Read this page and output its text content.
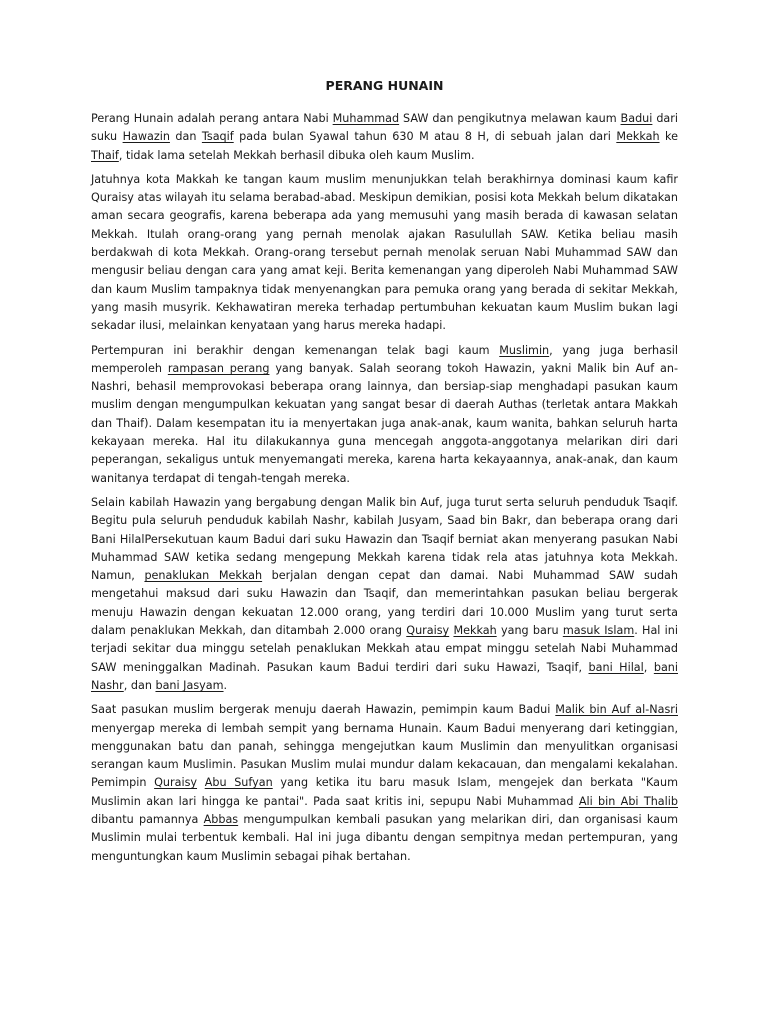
PERANG HUNAIN

Perang Hunain adalah perang antara Nabi Muhammad SAW dan pengikutnya melawan kaum Badui dari suku Hawazin dan Tsaqif pada bulan Syawal tahun 630 M atau 8 H, di sebuah jalan dari Mekkah ke Thaif, tidak lama setelah Mekkah berhasil dibuka oleh kaum Muslim.

Jatuhnya kota Makkah ke tangan kaum muslim menunjukkan telah berakhirnya dominasi kaum kafir Quraisy atas wilayah itu selama berabad-abad. Meskipun demikian, posisi kota Mekkah belum dikatakan aman secara geografis, karena beberapa ada yang memusuhi yang masih berada di kawasan selatan Mekkah. Itulah orang-orang yang pernah menolak ajakan Rasulullah SAW. Ketika beliau masih berdakwah di kota Mekkah. Orang-orang tersebut pernah menolak seruan Nabi Muhammad SAW dan mengusir beliau dengan cara yang amat keji. Berita kemenangan yang diperoleh Nabi Muhammad SAW dan kaum Muslim tampaknya tidak menyenangkan para pemuka orang yang berada di sekitar Mekkah, yang masih musyrik. Kekhawatiran mereka terhadap pertumbuhan kekuatan kaum Muslim bukan lagi sekadar ilusi, melainkan kenyataan yang harus mereka hadapi.

Pertempuran ini berakhir dengan kemenangan telak bagi kaum Muslimin, yang juga berhasil memperoleh rampasan perang yang banyak. Salah seorang tokoh Hawazin, yakni Malik bin Auf an-Nashri, behasil memprovokasi beberapa orang lainnya, dan bersiap-siap menghadapi pasukan kaum muslim dengan mengumpulkan kekuatan yang sangat besar di daerah Authas (terletak antara Makkah dan Thaif). Dalam kesempatan itu ia menyertakan juga anak-anak, kaum wanita, bahkan seluruh harta kekayaan mereka. Hal itu dilakukannya guna mencegah anggota-anggotanya melarikan diri dari peperangan, sekaligus untuk menyemangati mereka, karena harta kekayaannya, anak-anak, dan kaum wanitanya terdapat di tengah-tengah mereka.

Selain kabilah Hawazin yang bergabung dengan Malik bin Auf, juga turut serta seluruh penduduk Tsaqif. Begitu pula seluruh penduduk kabilah Nashr, kabilah Jusyam, Saad bin Bakr, dan beberapa orang dari Bani HilalPersekutuan kaum Badui dari suku Hawazin dan Tsaqif berniat akan menyerang pasukan Nabi Muhammad SAW ketika sedang mengepung Mekkah karena tidak rela atas jatuhnya kota Mekkah. Namun, penaklukan Mekkah berjalan dengan cepat dan damai. Nabi Muhammad SAW sudah mengetahui maksud dari suku Hawazin dan Tsaqif, dan memerintahkan pasukan beliau bergerak menuju Hawazin dengan kekuatan 12.000 orang, yang terdiri dari 10.000 Muslim yang turut serta dalam penaklukan Mekkah, dan ditambah 2.000 orang Quraisy Mekkah yang baru masuk Islam. Hal ini terjadi sekitar dua minggu setelah penaklukan Mekkah atau empat minggu setelah Nabi Muhammad SAW meninggalkan Madinah. Pasukan kaum Badui terdiri dari suku Hawazi, Tsaqif, bani Hilal, bani Nashr, dan bani Jasyam.

Saat pasukan muslim bergerak menuju daerah Hawazin, pemimpin kaum Badui Malik bin Auf al-Nasri menyergap mereka di lembah sempit yang bernama Hunain. Kaum Badui menyerang dari ketinggian, menggunakan batu dan panah, sehingga mengejutkan kaum Muslimin dan menyulitkan organisasi serangan kaum Muslimin. Pasukan Muslim mulai mundur dalam kekacauan, dan mengalami kekalahan. Pemimpin Quraisy Abu Sufyan yang ketika itu baru masuk Islam, mengejek dan berkata "Kaum Muslimin akan lari hingga ke pantai". Pada saat kritis ini, sepupu Nabi Muhammad Ali bin Abi Thalib dibantu pamannya Abbas mengumpulkan kembali pasukan yang melarikan diri, dan organisasi kaum Muslimin mulai terbentuk kembali. Hal ini juga dibantu dengan sempitnya medan pertempuran, yang menguntungkan kaum Muslimin sebagai pihak bertahan.
